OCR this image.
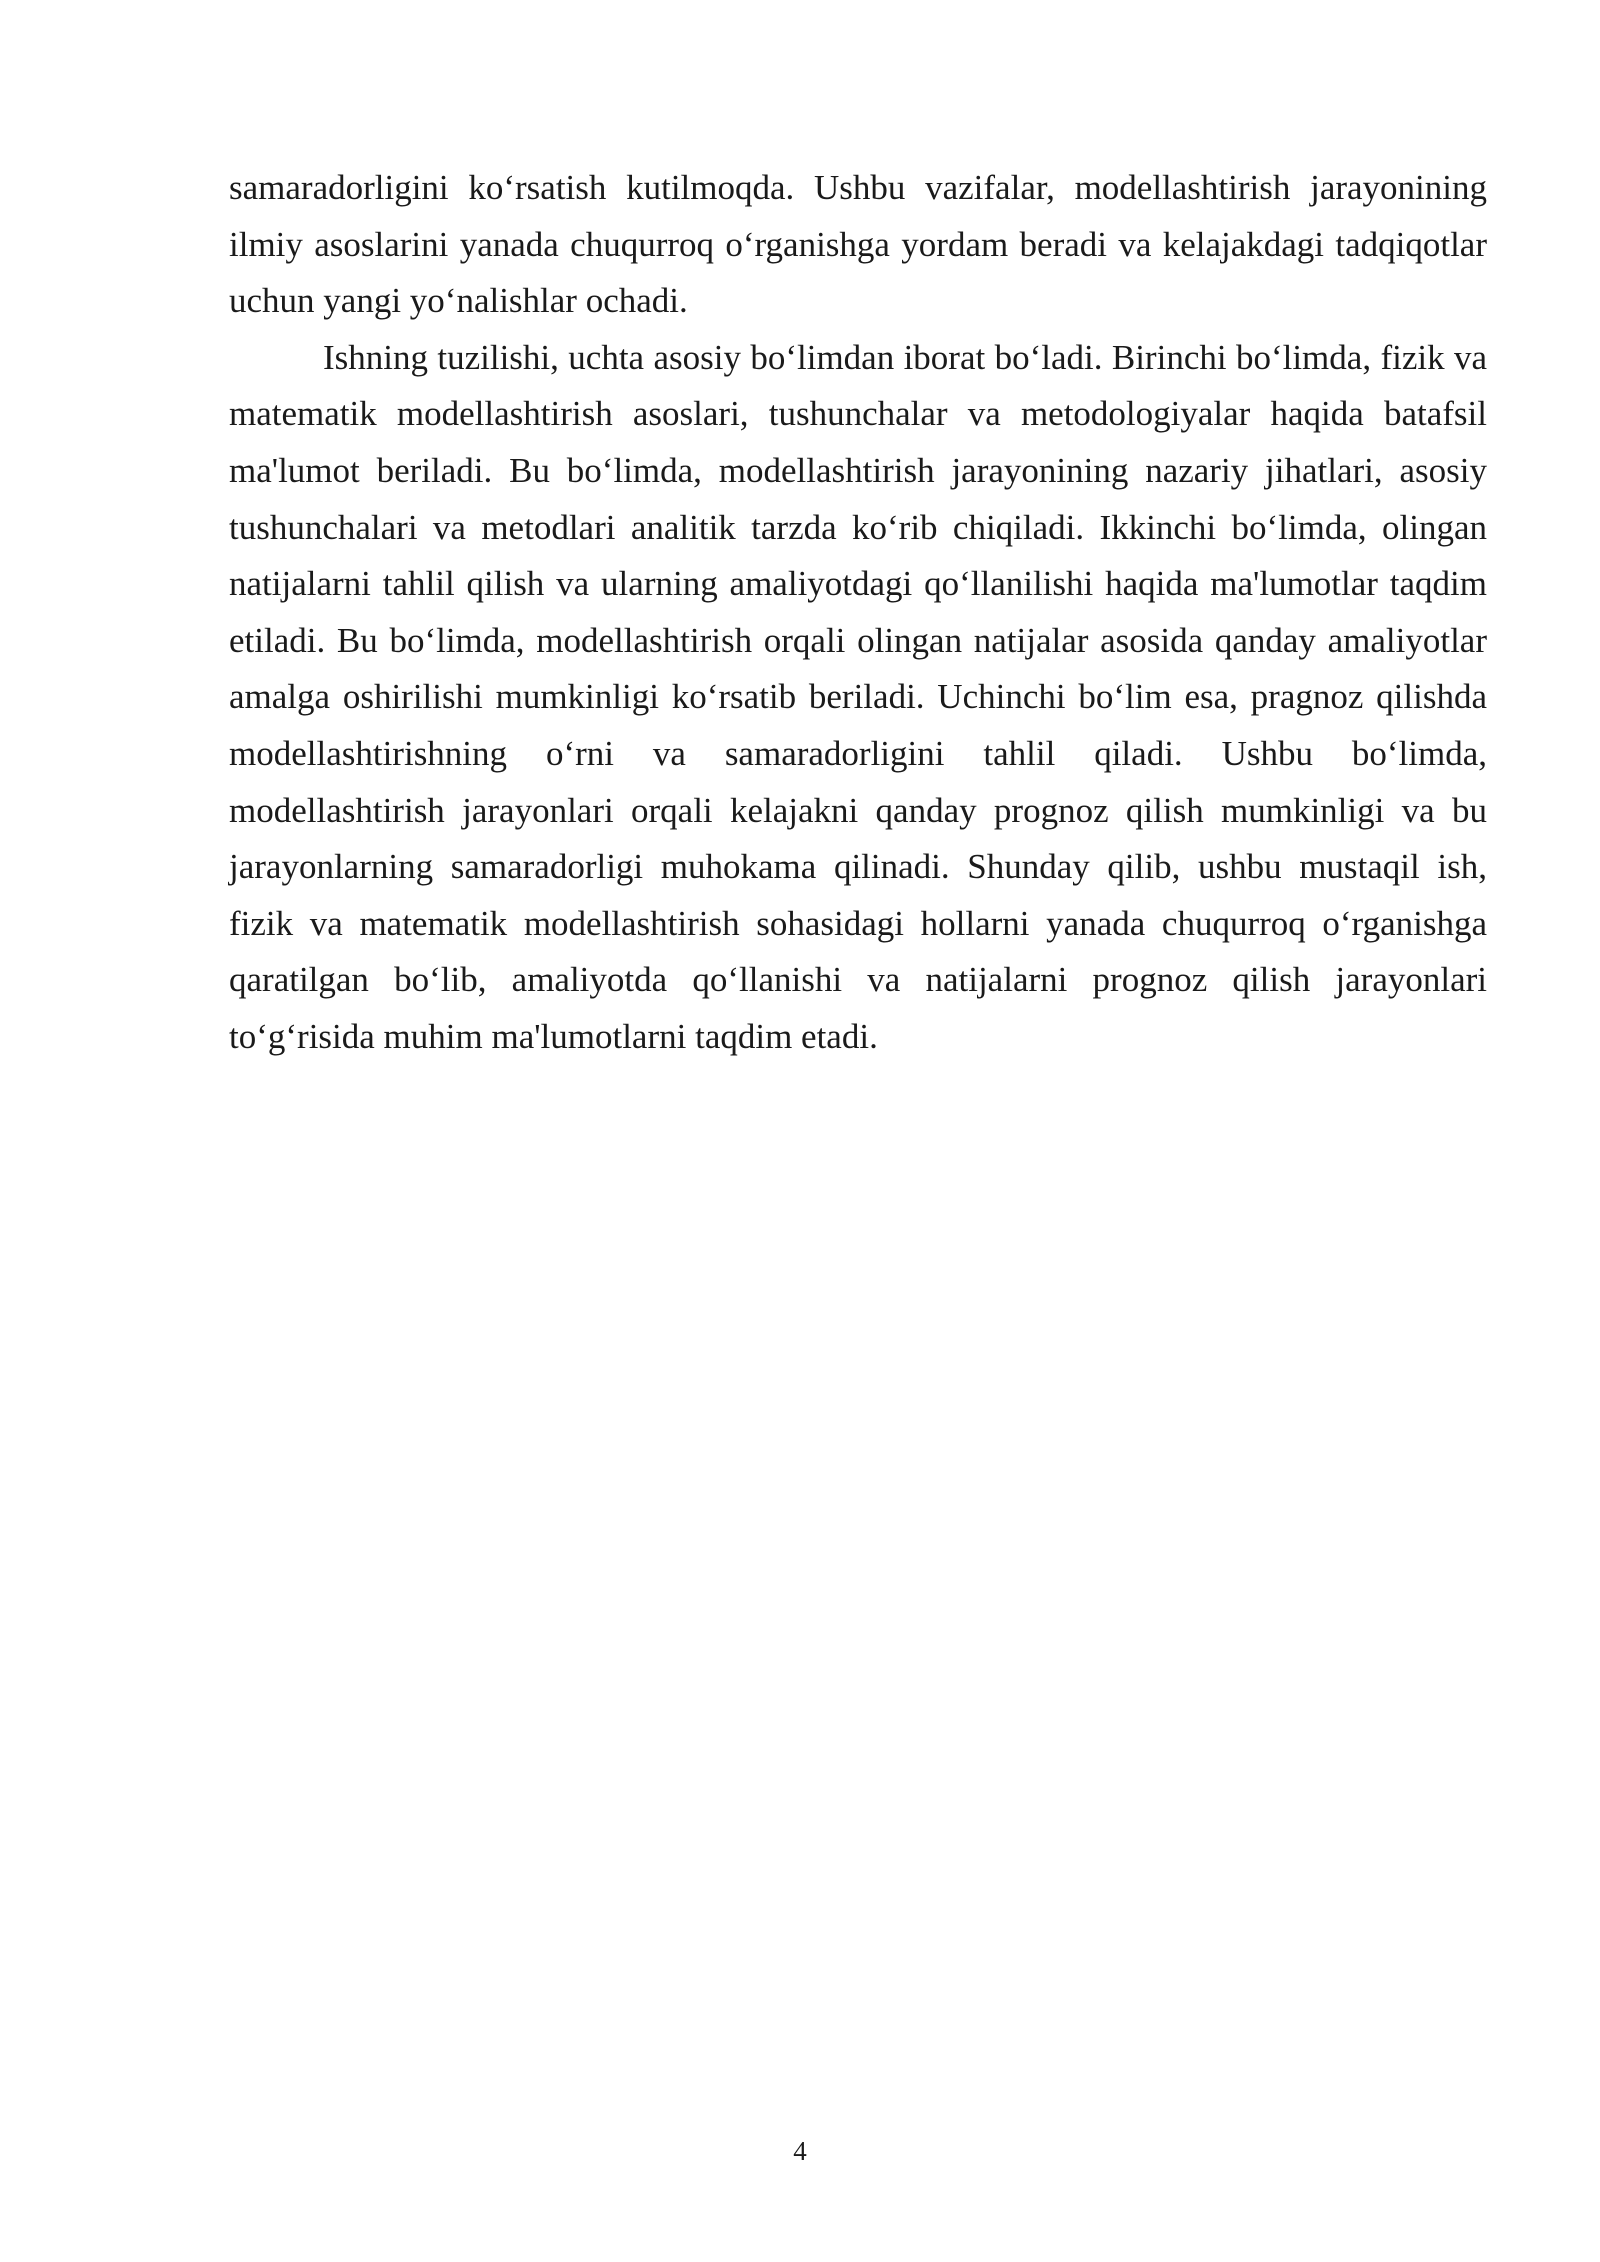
samaradorligini koʻrsatish kutilmoqda. Ushbu vazifalar, modellashtirish jarayonining ilmiy asoslarini yanada chuqurroq oʻrganishga yordam beradi va kelajakdagi tadqiqotlar uchun yangi yoʻnalishlar ochadi.

Ishning tuzilishi, uchta asosiy boʻlimdan iborat boʻladi. Birinchi boʻlimda, fizik va matematik modellashtirish asoslari, tushunchalar va metodologiyalar haqida batafsil ma'lumot beriladi. Bu boʻlimda, modellashtirish jarayonining nazariy jihatlari, asosiy tushunchalari va metodlari analitik tarzda koʻrib chiqiladi. Ikkinchi boʻlimda, olingan natijalarni tahlil qilish va ularning amaliyotdagi qoʻllanilishi haqida ma'lumotlar taqdim etiladi. Bu boʻlimda, modellashtirish orqali olingan natijalar asosida qanday amaliyotlar amalga oshirilishi mumkinligi koʻrsatib beriladi. Uchinchi boʻlim esa, pragnoz qilishda modellashtirishning oʻrni va samaradorligini tahlil qiladi. Ushbu boʻlimda, modellashtirish jarayonlari orqali kelajakni qanday prognoz qilish mumkinligi va bu jarayonlarning samaradorligi muhokama qilinadi. Shunday qilib, ushbu mustaqil ish, fizik va matematik modellashtirish sohasidagi hollarni yanada chuqurroq oʻrganishga qaratilgan boʻlib, amaliyotda qoʻllanishi va natijalarni prognoz qilish jarayonlari toʻgʻrisida muhim ma'lumotlarni taqdim etadi.

4
